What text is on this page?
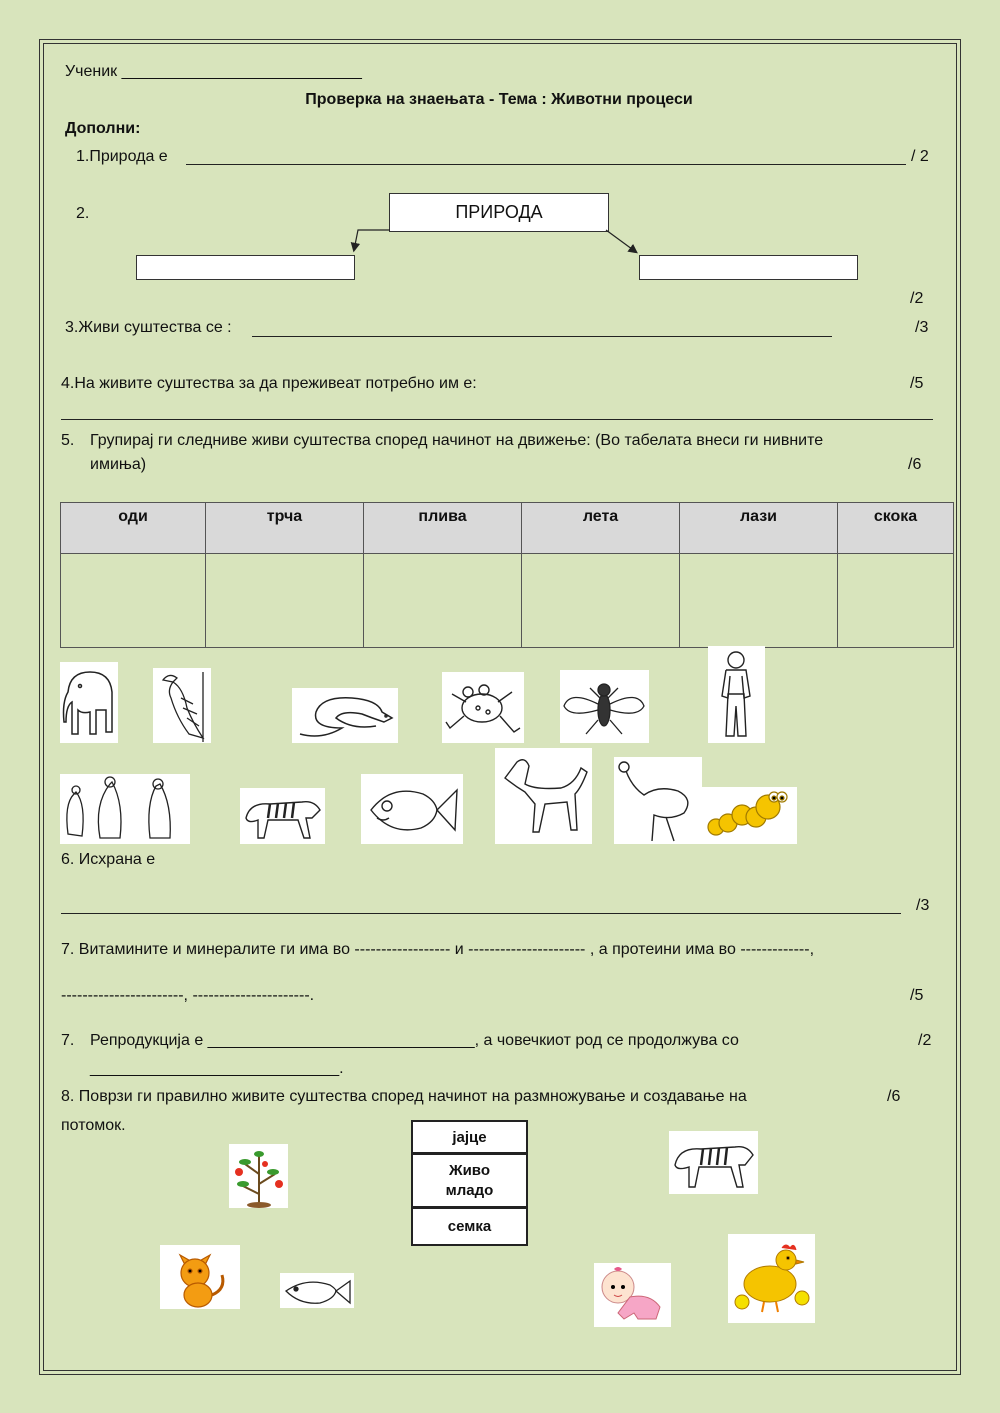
Ученик ___________________________
Проверка на знаењата - Тема : Животни процеси
Дополни:
1.Природа е	/ 2
2.	ПРИРОДА
/2
3.Живи суштества се :	/3
4.На живите суштества за да преживеат потребно им е:	/5
5. Групирај ги следниве живи суштества според начинот на движење: (Во табелата внеси ги нивните
имиња)	/6
оди	трча	плива	лета	лази	скока

6. Исхрана е
/3
7. Витамините и минералите ги има во ------------------ и ---------------------- , а протеини има во -------------,
-----------------------, ----------------------.	/5
7. Репродукција е ______________________________, а човечкиот род се продолжува со
____________________________.
/2
8. Поврзи ги правилно живите суштества според начинот на размножување и создавање на	/6
потомок.
јајце
Живо
младо
семка
